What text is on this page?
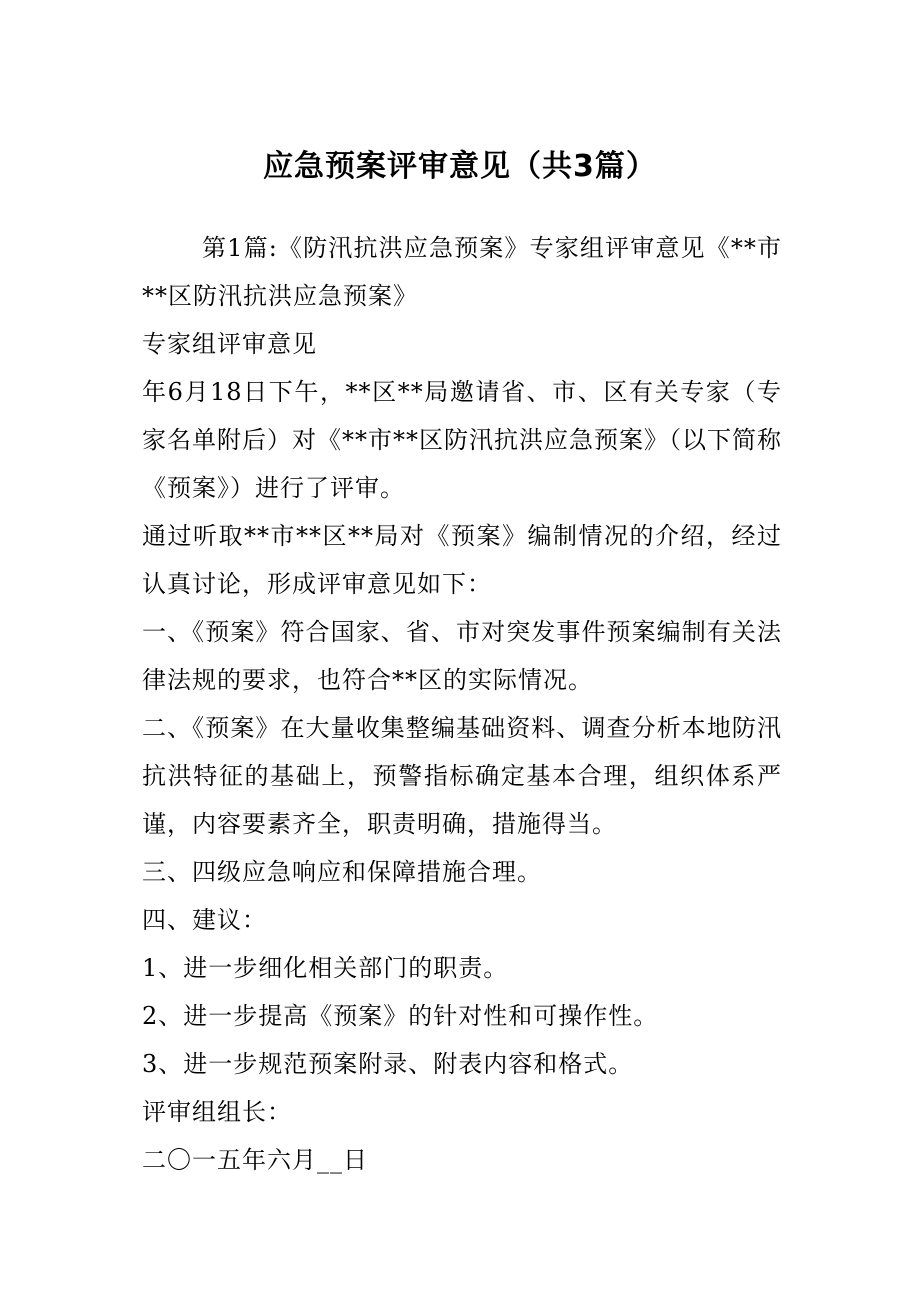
应急预案评审意见（共3篇）

第1篇:《防汛抗洪应急预案》专家组评审意见《**市**区防汛抗洪应急预案》

专家组评审意见

年6月18日下午，**区**局邀请省、市、区有关专家（专家名单附后）对《**市**区防汛抗洪应急预案》（以下简称《预案》）进行了评审。

通过听取**市**区**局对《预案》编制情况的介绍，经过认真讨论，形成评审意见如下：

一、《预案》符合国家、省、市对突发事件预案编制有关法律法规的要求，也符合**区的实际情况。

二、《预案》在大量收集整编基础资料、调查分析本地防汛抗洪特征的基础上，预警指标确定基本合理，组织体系严谨，内容要素齐全，职责明确，措施得当。

三、四级应急响应和保障措施合理。

四、建议：

1、进一步细化相关部门的职责。

2、进一步提高《预案》的针对性和可操作性。

3、进一步规范预案附录、附表内容和格式。

评审组组长：

二〇一五年六月__日
